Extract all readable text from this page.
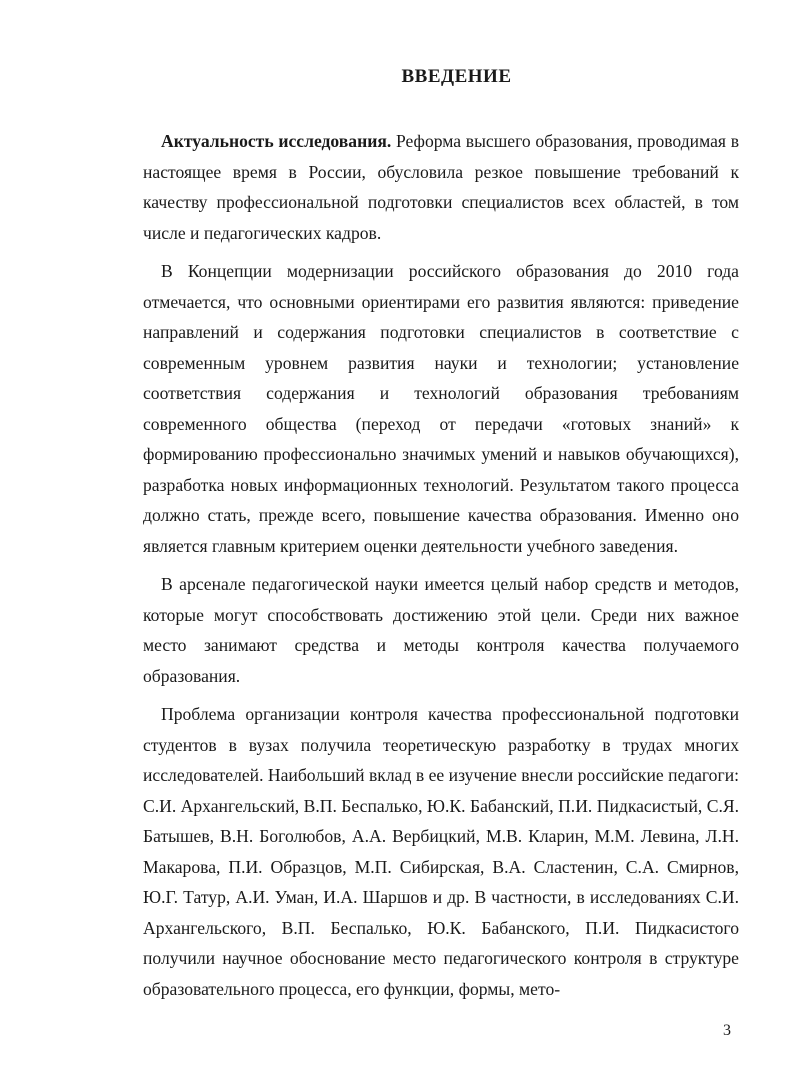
ВВЕДЕНИЕ

Актуальность исследования. Реформа высшего образования, проводимая в настоящее время в России, обусловила резкое повышение требований к качеству профессиональной подготовки специалистов всех областей, в том числе и педагогических кадров.

В Концепции модернизации российского образования до 2010 года отмечается, что основными ориентирами его развития являются: приведение направлений и содержания подготовки специалистов в соответствие с современным уровнем развития науки и технологии; установление соответствия содержания и технологий образования требованиям современного общества (переход от передачи «готовых знаний» к формированию профессионально значимых умений и навыков обучающихся), разработка новых информационных технологий. Результатом такого процесса должно стать, прежде всего, повышение качества образования. Именно оно является главным критерием оценки деятельности учебного заведения.

В арсенале педагогической науки имеется целый набор средств и методов, которые могут способствовать достижению этой цели. Среди них важное место занимают средства и методы контроля качества получаемого образования.

Проблема организации контроля качества профессиональной подготовки студентов в вузах получила теоретическую разработку в трудах многих исследователей. Наибольший вклад в ее изучение внесли российские педагоги: С.И. Архангельский, В.П. Беспалько, Ю.К. Бабанский, П.И. Пидкасистый, С.Я. Батышев, В.Н. Боголюбов, А.А. Вербицкий, М.В. Кларин, М.М. Левина, Л.Н. Макарова, П.И. Образцов, М.П. Сибирская, В.А. Сластенин, С.А. Смирнов, Ю.Г. Татур, А.И. Уман, И.А. Шаршов и др. В частности, в исследованиях С.И. Архангельского, В.П. Беспалько, Ю.К. Бабанского, П.И. Пидкасистого получили научное обоснование место педагогического контроля в структуре образовательного процесса, его функции, формы, мето-

3
